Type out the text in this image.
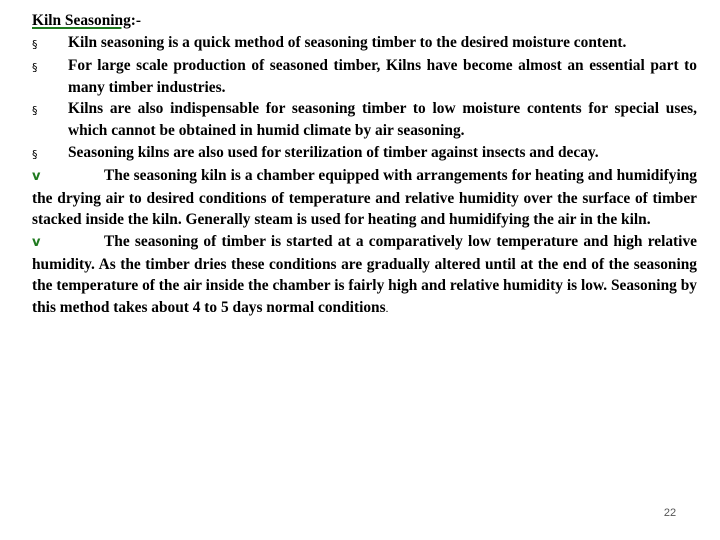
Kiln Seasoning:-
§	Kiln seasoning is a quick method of seasoning timber to the desired moisture content.
§	For large scale production of seasoned timber, Kilns have become almost an essential part to many timber industries.
§	Kilns are also indispensable for seasoning timber to low moisture contents for special uses, which cannot be obtained in humid climate by air seasoning.
§	Seasoning kilns are also used for sterilization of timber against insects and decay.

v	The seasoning kiln is a chamber equipped with arrangements for heating and humidifying the drying air to desired conditions of temperature and relative humidity over the surface of timber stacked inside the kiln. Generally steam is used for heating and humidifying the air in the kiln.

v	The seasoning of timber is started at a comparatively low temperature and high relative humidity. As the timber dries these conditions are gradually altered until at the end of the seasoning the temperature of the air inside the chamber is fairly high and relative humidity is low. Seasoning by this method takes about 4 to 5 days normal conditions.

22
